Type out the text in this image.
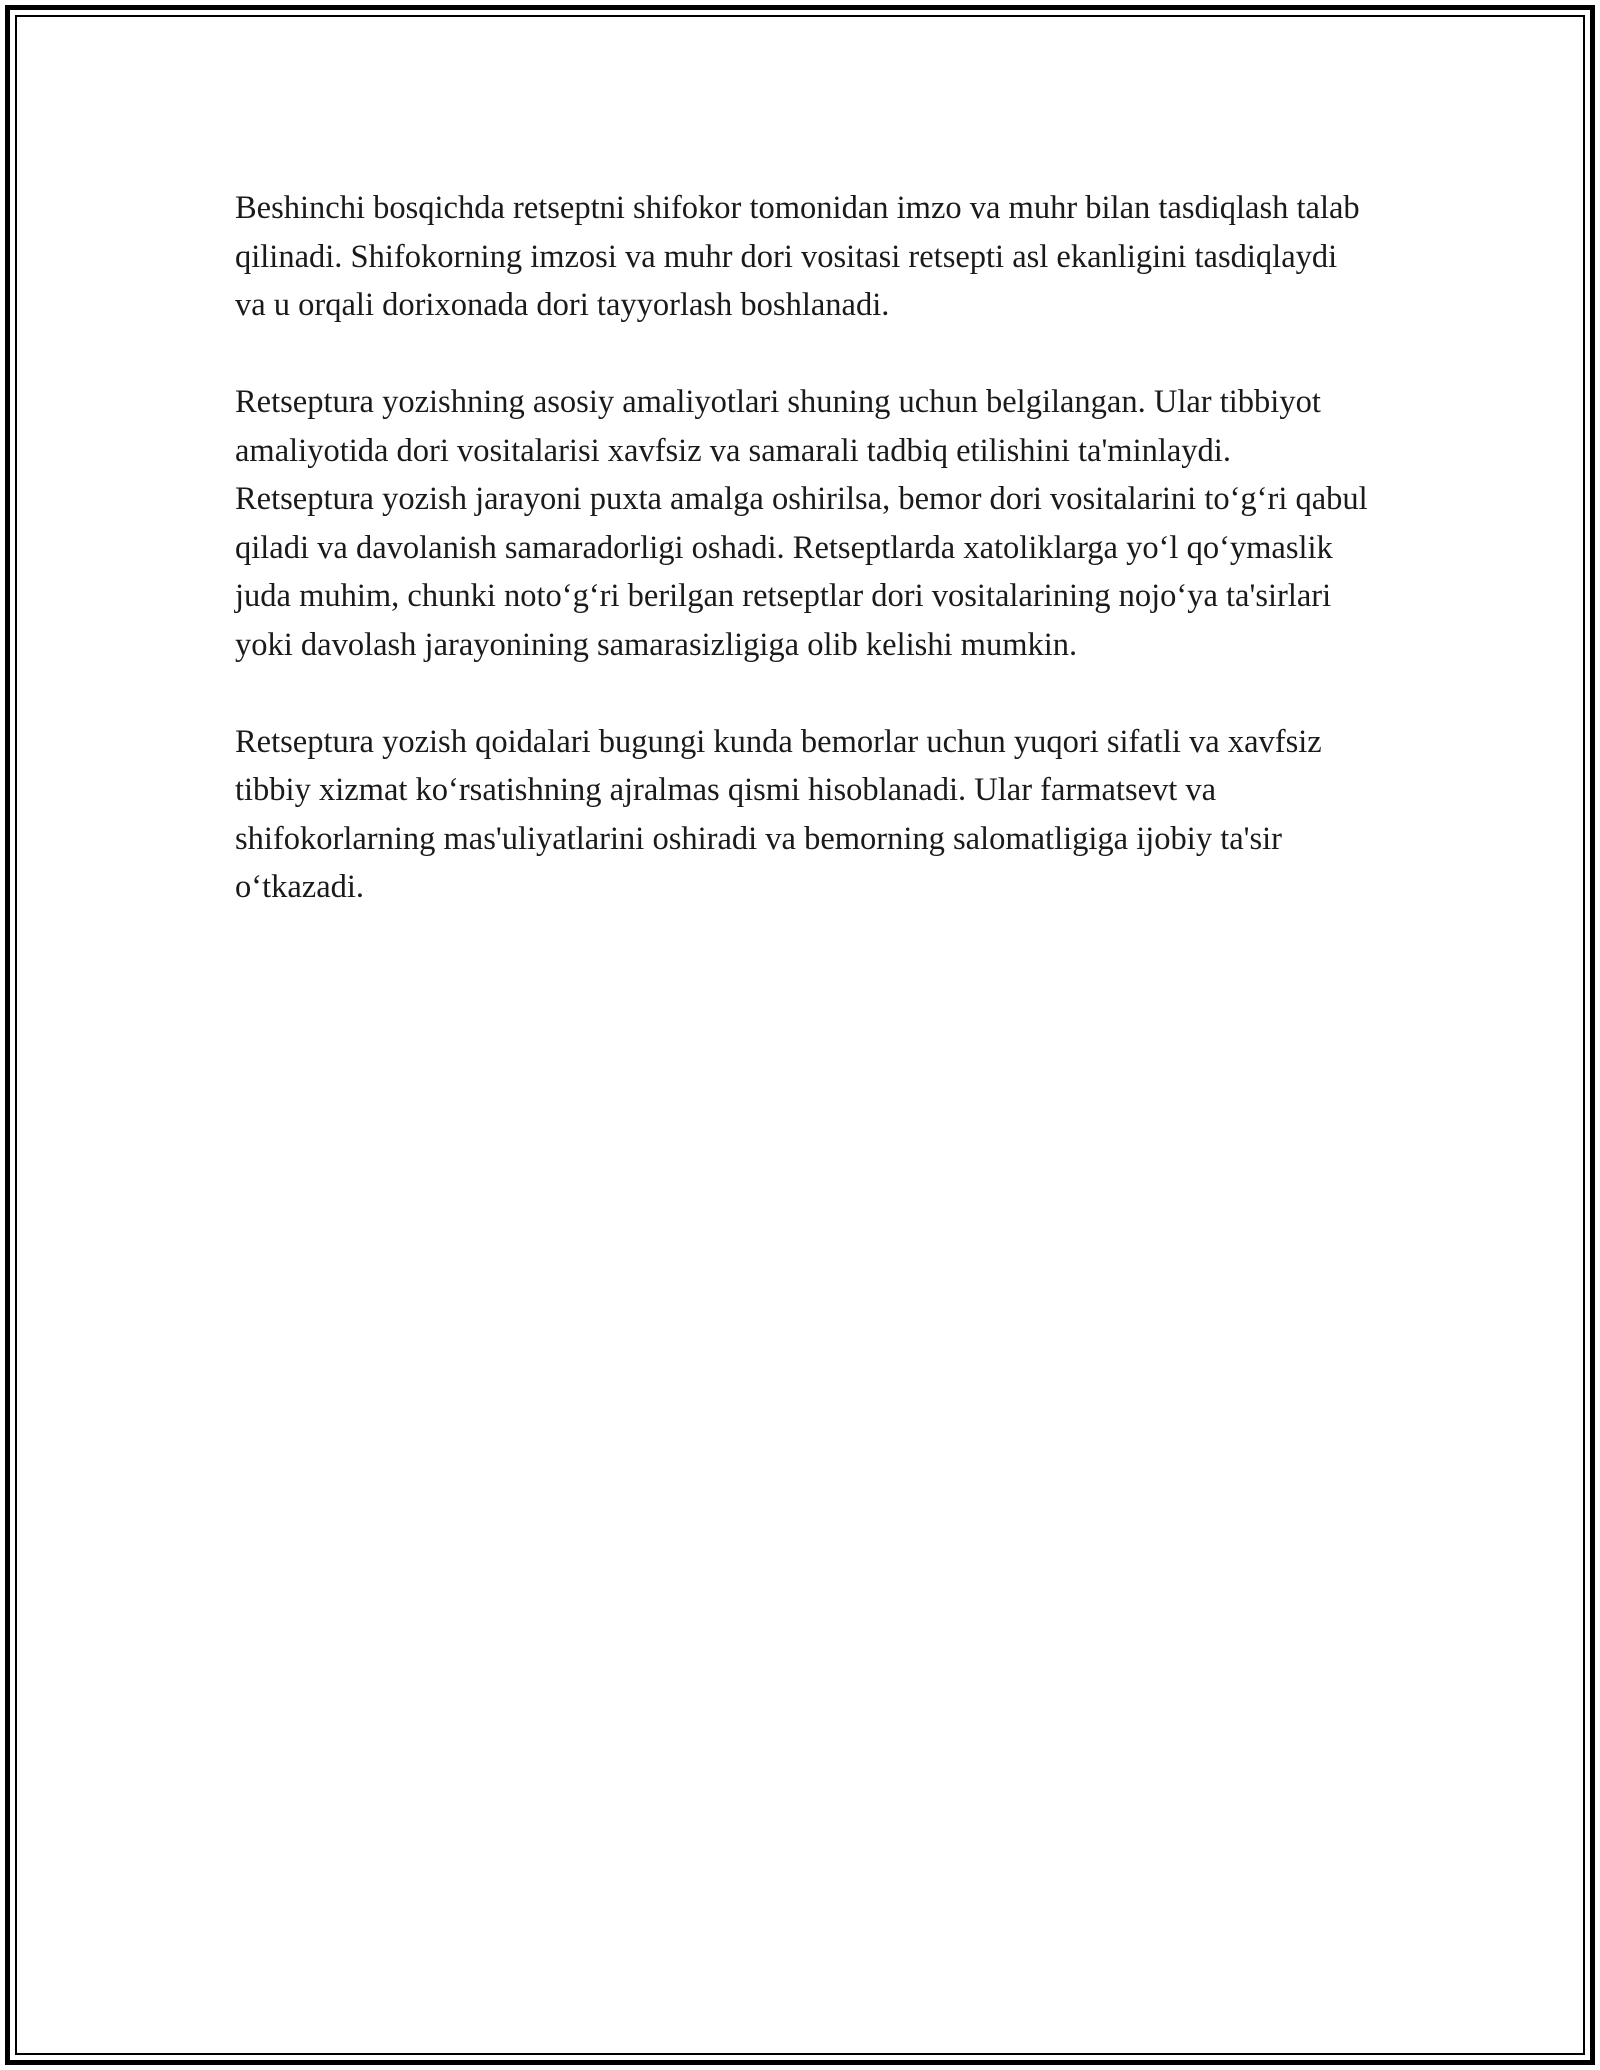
Beshinchi bosqichda retseptni shifokor tomonidan imzo va muhr bilan tasdiqlash talab qilinadi. Shifokorning imzosi va muhr dori vositasi retsepti asl ekanligini tasdiqlaydi va u orqali dorixonada dori tayyorlash boshlanadi.

Retseptura yozishning asosiy amaliyotlari shuning uchun belgilangan. Ular tibbiyot amaliyotida dori vositalarisi xavfsiz va samarali tadbiq etilishini ta'minlaydi. Retseptura yozish jarayoni puxta amalga oshirilsa, bemor dori vositalarini to‘g‘ri qabul qiladi va davolanish samaradorligi oshadi. Retseptlarda xatoliklarga yo‘l qo‘ymaslik juda muhim, chunki noto‘g‘ri berilgan retseptlar dori vositalarining nojo‘ya ta'sirlari yoki davolash jarayonining samarasizligiga olib kelishi mumkin.

Retseptura yozish qoidalari bugungi kunda bemorlar uchun yuqori sifatli va xavfsiz tibbiy xizmat ko‘rsatishning ajralmas qismi hisoblanadi. Ular farmatsevt va shifokorlarning mas'uliyatlarini oshiradi va bemorning salomatligiga ijobiy ta'sir o‘tkazadi.
